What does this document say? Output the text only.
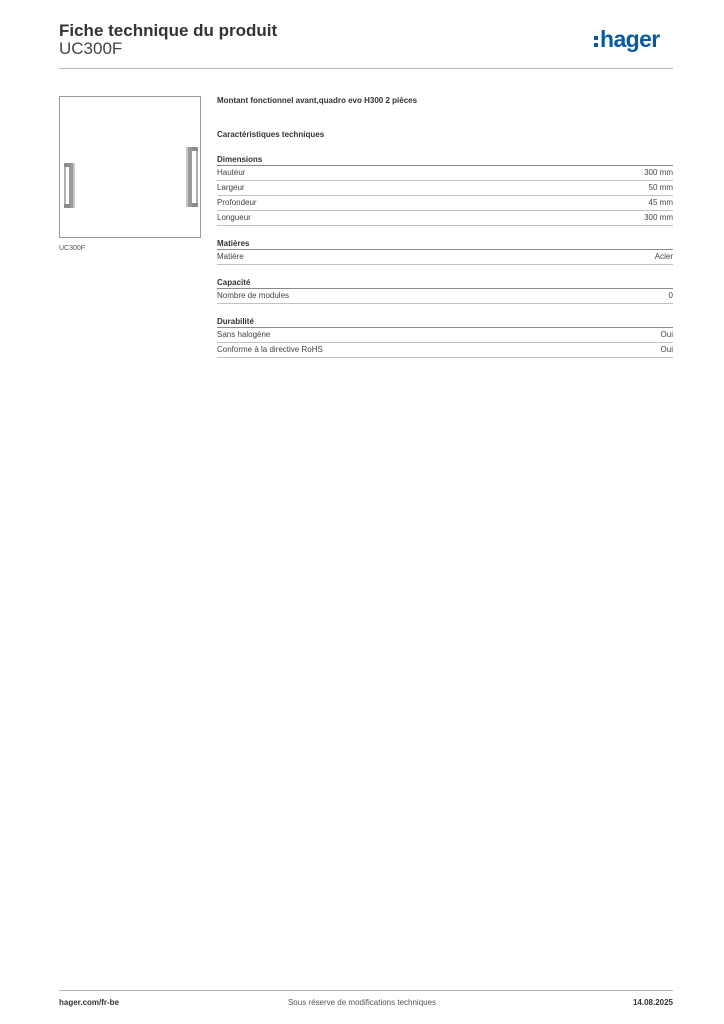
Fiche technique du produit
UC300F	hager
UC300F
Montant fonctionnel avant,quadro evo H300 2 pièces
Caractéristiques techniques
Dimensions
Hauteur	300 mm
Largeur	50 mm
Profondeur	45 mm
Longueur	300 mm
Matières
Matière	Acier
Capacité
Nombre de modules	0
Durabilité
Sans halogène	Oui
Conforme à la directive RoHS	Oui
hager.com/fr-be	Sous réserve de modifications techniques	14.08.2025
